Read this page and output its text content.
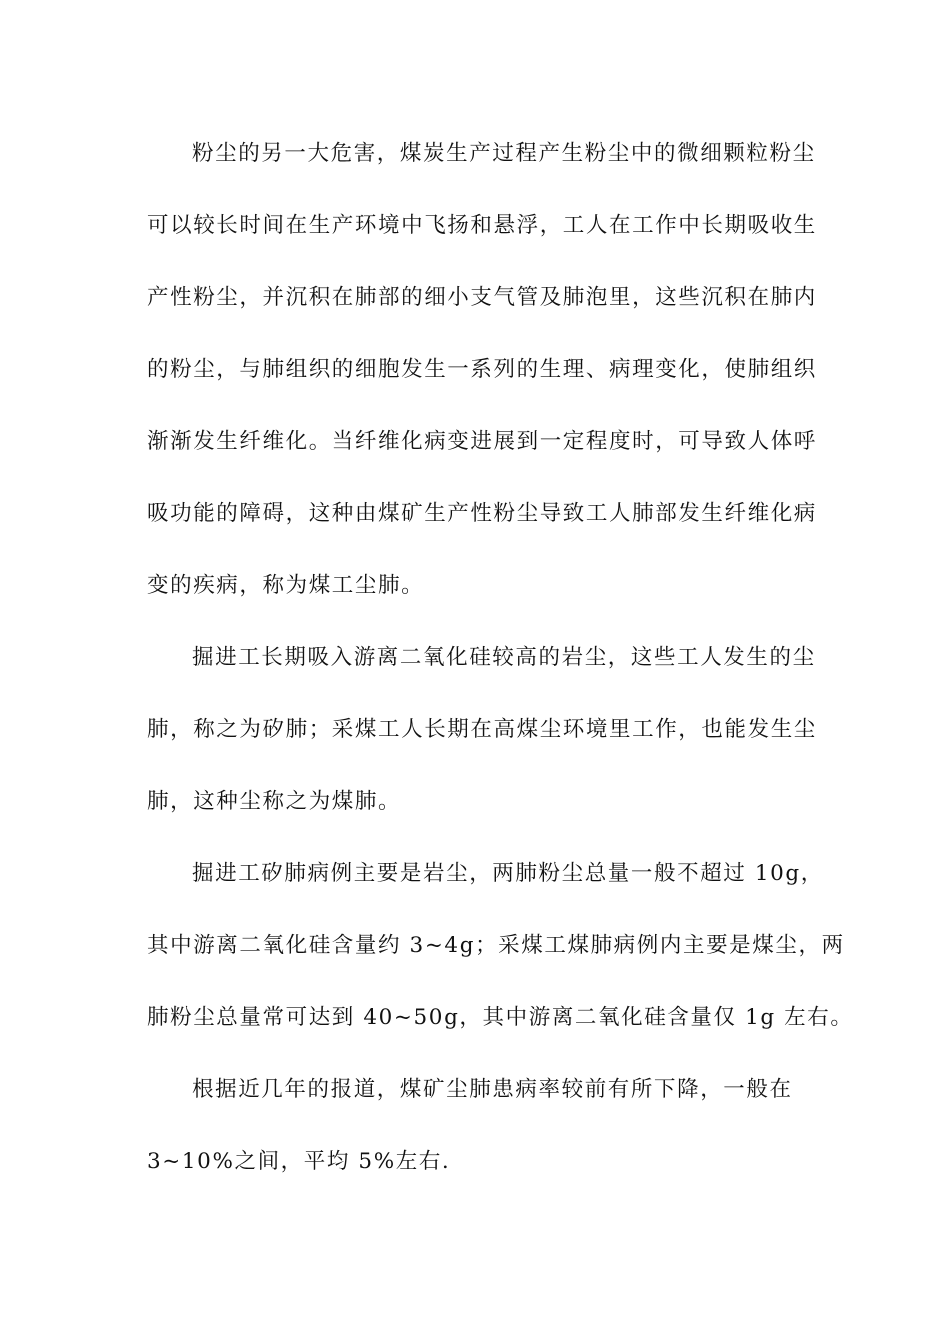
粉尘的另一大危害，煤炭生产过程产生粉尘中的微细颗粒粉尘
可以较长时间在生产环境中飞扬和悬浮，工人在工作中长期吸收生
产性粉尘，并沉积在肺部的细小支气管及肺泡里，这些沉积在肺内
的粉尘，与肺组织的细胞发生一系列的生理、病理变化，使肺组织
渐渐发生纤维化。当纤维化病变进展到一定程度时，可导致人体呼
吸功能的障碍，这种由煤矿生产性粉尘导致工人肺部发生纤维化病
变的疾病，称为煤工尘肺。
掘进工长期吸入游离二氧化硅较高的岩尘，这些工人发生的尘
肺，称之为矽肺；采煤工人长期在高煤尘环境里工作，也能发生尘
肺，这种尘称之为煤肺。
掘进工矽肺病例主要是岩尘，两肺粉尘总量一般不超过 10g，
其中游离二氧化硅含量约 3~4g；采煤工煤肺病例内主要是煤尘，两
肺粉尘总量常可达到 40~50g，其中游离二氧化硅含量仅 1g 左右。
根据近几年的报道，煤矿尘肺患病率较前有所下降，一般在
3~10%之间，平均 5%左右.
